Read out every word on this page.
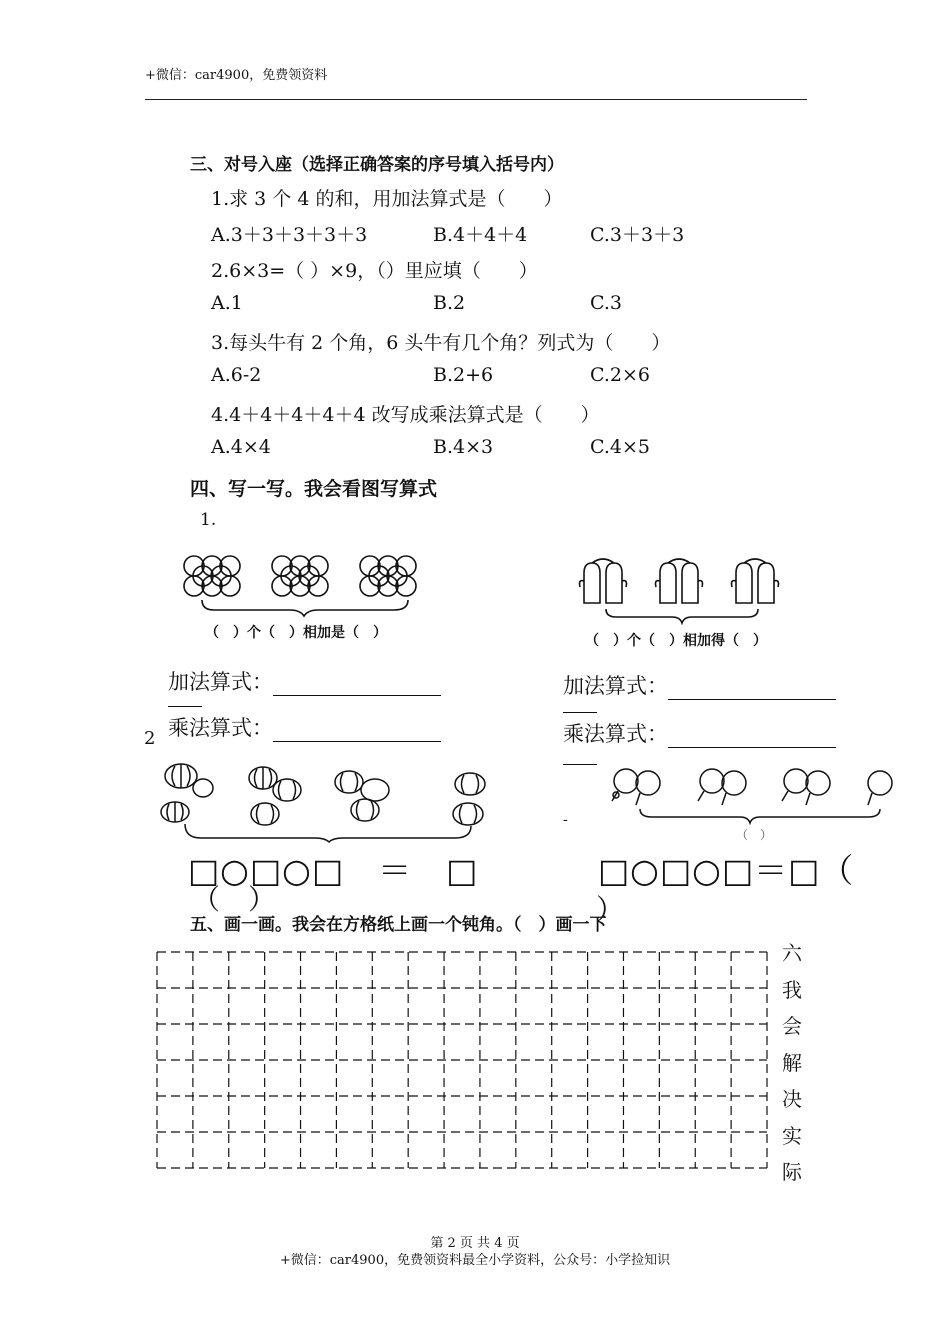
+微信：car4900，免费领资料
三、对号入座（选择正确答案的序号填入括号内）
1.求 3 个 4 的和，用加法算式是（　　）
A.3＋3＋3＋3＋3	B.4＋4＋4	C.3＋3＋3
2.6×3=（ ）×9，（）里应填（　　）
A.1	B.2	C.3
3.每头牛有 2 个角，6 头牛有几个角？列式为（　　）
A.6-2	B.2+6	C.2×6
4.4＋4＋4＋4＋4 改写成乘法算式是（　　）
A.4×4	B.4×3	C.4×5
四、写一写。我会看图写算式
1.
（　）个（　）相加是（　）	（　）个（　）相加得（　）
加法算式：
乘法算式：
2
加法算式：
乘法算式：
-
（　）
五、画一画。我会在方格纸上画一个钝角。（　）画一下
□○□○□　＝　□	□○□○□＝□（
（　）	）
六
我
会
解
决
实
际
第 2 页 共 4 页
+微信：car4900，免费领资料最全小学资料，公众号：小学捡知识
